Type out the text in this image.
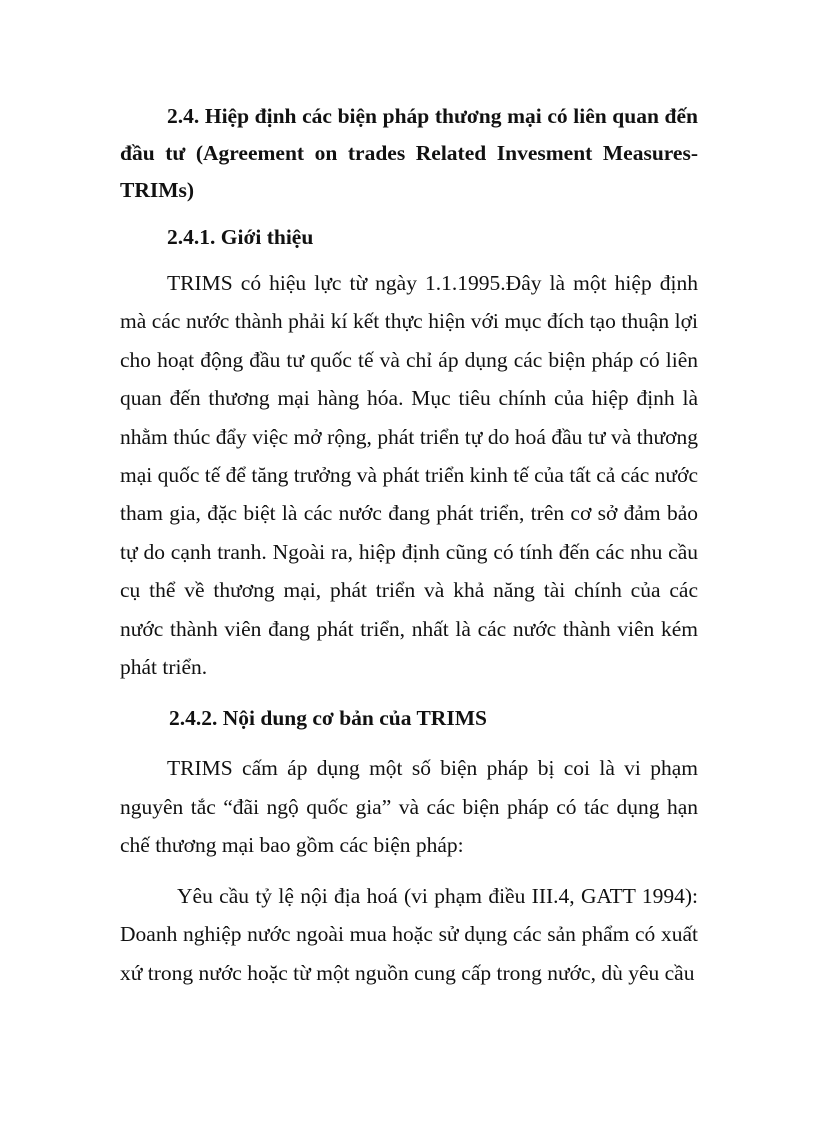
2.4. Hiệp định các biện pháp thương mại có liên quan đến đầu tư (Agreement on trades Related Invesment Measures-TRIMs)
2.4.1. Giới thiệu

TRIMS có hiệu lực từ ngày 1.1.1995.Đây là một hiệp định mà các nước thành phải kí kết thực hiện với mục đích tạo thuận lợi cho hoạt động đầu tư quốc tế và chỉ áp dụng các biện pháp có liên quan đến thương mại hàng hóa. Mục tiêu chính của hiệp định là nhằm thúc đẩy việc mở rộng, phát triển tự do hoá đầu tư và thương mại quốc tế để tăng trưởng và phát triển kinh tế của tất cả các nước tham gia, đặc biệt là các nước đang phát triển, trên cơ sở đảm bảo tự do cạnh tranh. Ngoài ra, hiệp định cũng có tính đến các nhu cầu cụ thể về thương mại, phát triển và khả năng tài chính của các nước thành viên đang phát triển, nhất là các nước thành viên kém phát triển.

2.4.2. Nội dung cơ bản của TRIMS

TRIMS cấm áp dụng một số biện pháp bị coi là vi phạm nguyên tắc “đãi ngộ quốc gia” và các biện pháp có tác dụng hạn chế thương mại bao gồm các biện pháp:

Yêu cầu tỷ lệ nội địa hoá (vi phạm điều III.4, GATT 1994): Doanh nghiệp nước ngoài mua hoặc sử dụng các sản phẩm có xuất xứ trong nước hoặc từ một nguồn cung cấp trong nước, dù yêu cầu
